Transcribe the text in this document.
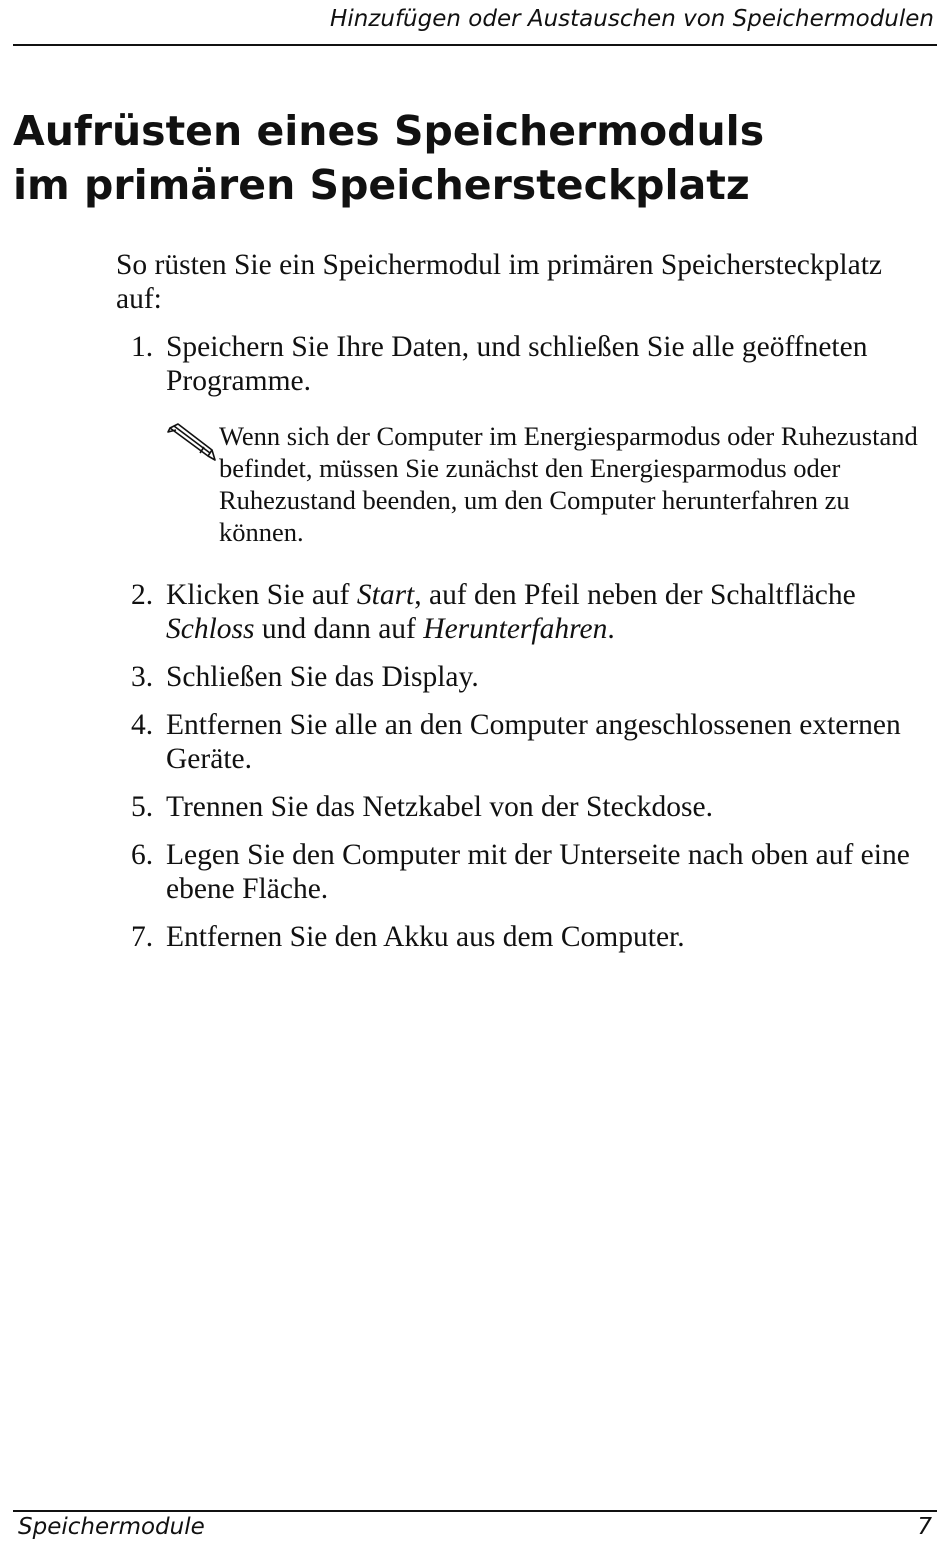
Hinzufügen oder Austauschen von Speichermodulen
Aufrüsten eines Speichermoduls
im primären Speichersteckplatz

So rüsten Sie ein Speichermodul im primären Speichersteckplatz auf:

1. Speichern Sie Ihre Daten, und schließen Sie alle geöffneten Programme.
Wenn sich der Computer im Energiesparmodus oder Ruhezustand befindet, müssen Sie zunächst den Energiesparmodus oder Ruhezustand beenden, um den Computer herunterfahren zu können.
2. Klicken Sie auf Start, auf den Pfeil neben der Schaltfläche Schloss und dann auf Herunterfahren.
3. Schließen Sie das Display.
4. Entfernen Sie alle an den Computer angeschlossenen externen Geräte.
5. Trennen Sie das Netzkabel von der Steckdose.
6. Legen Sie den Computer mit der Unterseite nach oben auf eine ebene Fläche.
7. Entfernen Sie den Akku aus dem Computer.
Speichermodule	7
